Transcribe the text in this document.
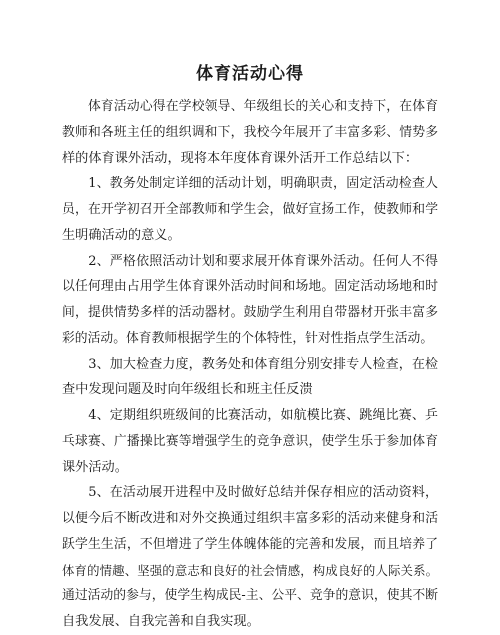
体育活动心得
　　体育活动心得在学校领导、年级组长的关心和支持下，在体育
教师和各班主任的组织调和下，我校今年展开了丰富多彩、情势多
样的体育课外活动，现将本年度体育课外活开工作总结以下：
　　1、教务处制定详细的活动计划，明确职责，固定活动检查人
员，在开学初召开全部教师和学生会，做好宣扬工作，使教师和学
生明确活动的意义。
　　2、严格依照活动计划和要求展开体育课外活动。任何人不得
以任何理由占用学生体育课外活动时间和场地。固定活动场地和时
间，提供情势多样的活动器材。鼓励学生利用自带器材开张丰富多
彩的活动。体育教师根据学生的个体特性，针对性指点学生活动。
　　3、加大检查力度，教务处和体育组分别安排专人检查，在检
查中发现问题及时向年级组长和班主任反溃
　　4、定期组织班级间的比赛活动，如航模比赛、跳绳比赛、乒
乓球赛、广播操比赛等增强学生的竞争意识，使学生乐于参加体育
课外活动。
　　5、在活动展开进程中及时做好总结并保存相应的活动资料，
以便今后不断改进和对外交换通过组织丰富多彩的活动来健身和活
跃学生生活，不但增进了学生体魄体能的完善和发展，而且培养了
体育的情趣、坚强的意志和良好的社会情感，构成良好的人际关系。
通过活动的参与，使学生构成民-主、公平、竞争的意识，使其不断
自我发展、自我完善和自我实现。
